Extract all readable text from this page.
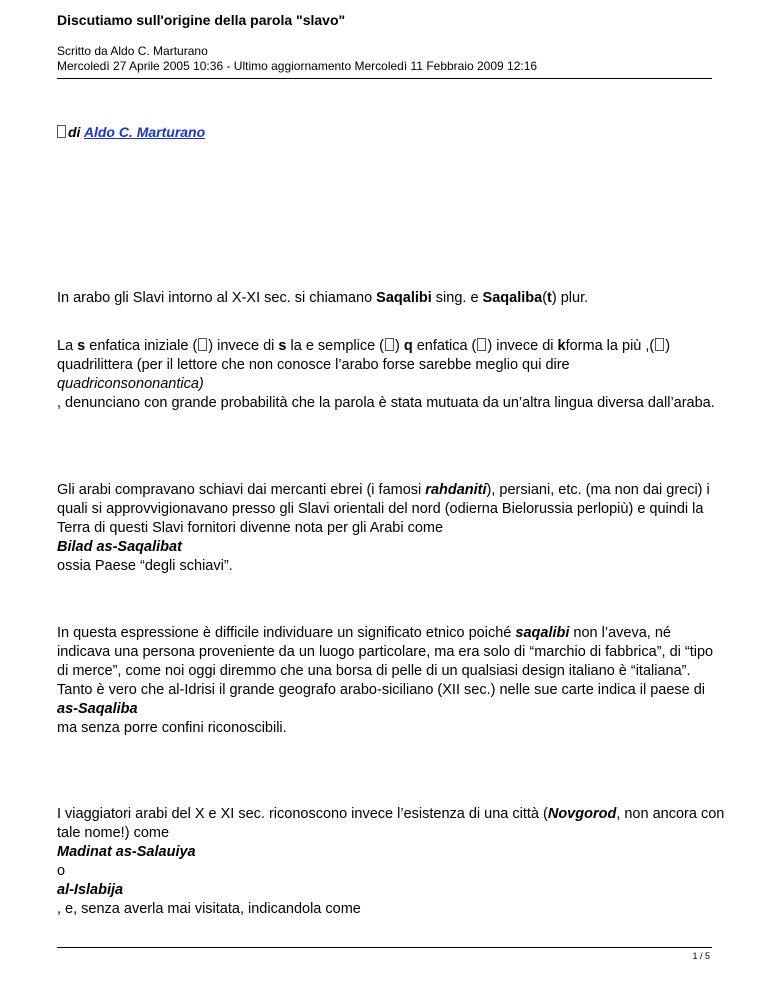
Discutiamo sull'origine della parola "slavo"
Scritto da Aldo C. Marturano
Mercoledì 27 Aprile 2005 10:36 - Ultimo aggiornamento Mercoledì 11 Febbraio 2009 12:16
di Aldo C. Marturano
In arabo gli Slavi intorno al X-XI sec. si chiamano Saqalibi sing. e Saqaliba(t) plur.
La s enfatica iniziale ( ) invece di s la e semplice ( ) q enfatica ( ) invece di kforma la più ,( ) quadrilittera (per il lettore che non conosce l’arabo forse sarebbe meglio qui dire
quadriconsononantica)
, denunciano con grande probabilità che la parola è stata mutuata da un’altra lingua diversa dall’araba.
Gli arabi compravano schiavi dai mercanti ebrei (i famosi rahdaniti), persiani, etc. (ma non dai greci) i quali si approvvigionavano presso gli Slavi orientali del nord (odierna Bielorussia perlopiù) e quindi la Terra di questi Slavi fornitori divenne nota per gli Arabi come
Bilad as-Saqalibat
ossia Paese “degli schiavi”.
In questa espressione è difficile individuare un significato etnico poiché saqalibi non l’aveva, né indicava una persona proveniente da un luogo particolare, ma era solo di “marchio di fabbrica”, di “tipo di merce”, come noi oggi diremmo che una borsa di pelle di un qualsiasi design italiano è “italiana”. Tanto è vero che al-Idrisi il grande geografo arabo-siciliano (XII sec.) nelle sue carte indica il paese di
as-Saqaliba
ma senza porre confini riconoscibili.
I viaggiatori arabi del X e XI sec. riconoscono invece l’esistenza di una città (Novgorod, non ancora con tale nome!) come
Madinat as-Salauiya
o
al-Islabija
, e, senza averla mai visitata, indicandola come
1 / 5
